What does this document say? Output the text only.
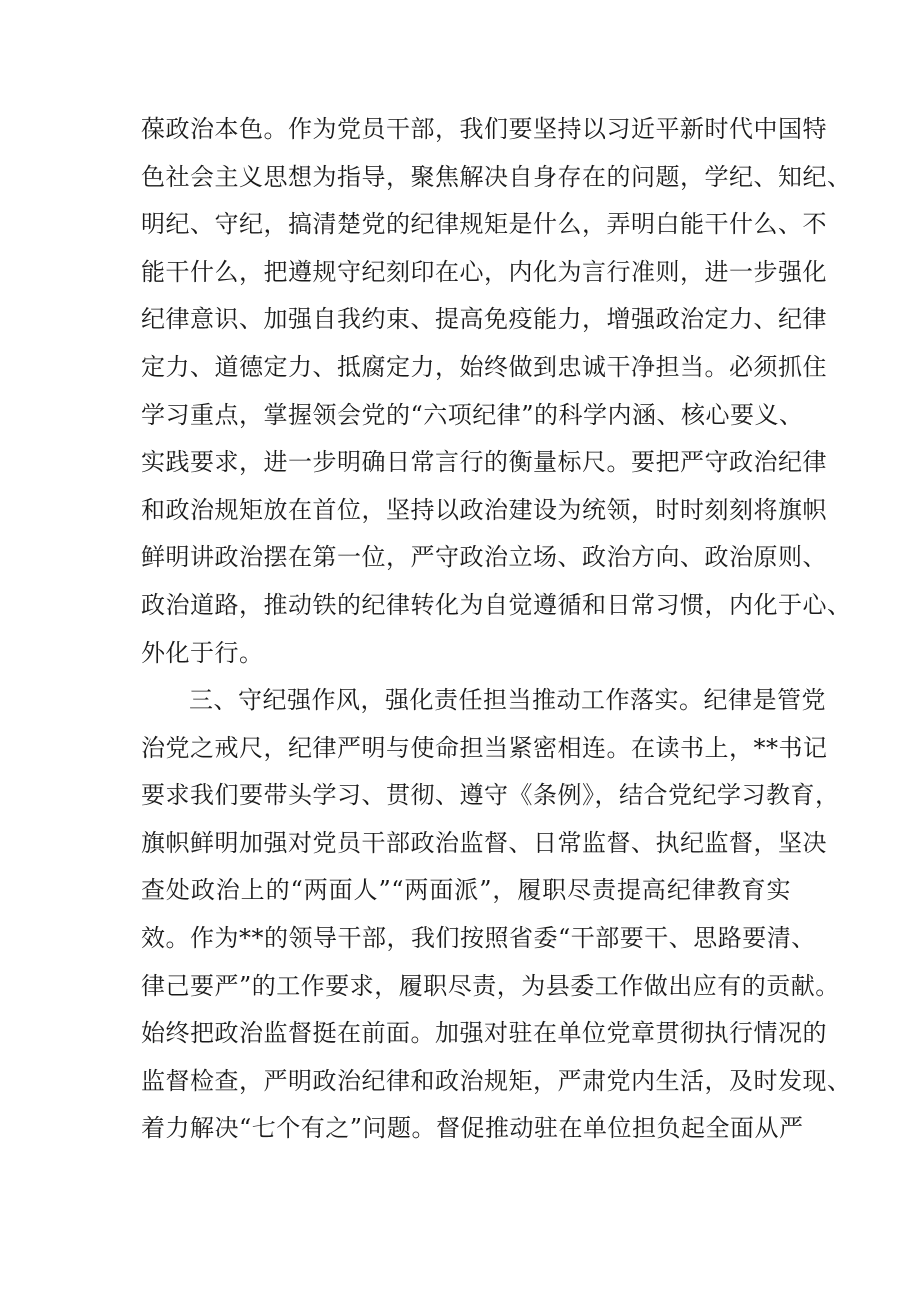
葆政治本色。作为党员干部，我们要坚持以习近平新时代中国特
色社会主义思想为指导，聚焦解决自身存在的问题，学纪、知纪、
明纪、守纪，搞清楚党的纪律规矩是什么，弄明白能干什么、不
能干什么，把遵规守纪刻印在心，内化为言行准则，进一步强化
纪律意识、加强自我约束、提高免疫能力，增强政治定力、纪律
定力、道德定力、抵腐定力，始终做到忠诚干净担当。必须抓住
学习重点，掌握领会党的“六项纪律”的科学内涵、核心要义、
实践要求，进一步明确日常言行的衡量标尺。要把严守政治纪律
和政治规矩放在首位，坚持以政治建设为统领，时时刻刻将旗帜
鲜明讲政治摆在第一位，严守政治立场、政治方向、政治原则、
政治道路，推动铁的纪律转化为自觉遵循和日常习惯，内化于心、
外化于行。
三、守纪强作风，强化责任担当推动工作落实。纪律是管党
治党之戒尺，纪律严明与使命担当紧密相连。在读书上，**书记
要求我们要带头学习、贯彻、遵守《条例》，结合党纪学习教育，
旗帜鲜明加强对党员干部政治监督、日常监督、执纪监督，坚决
查处政治上的“两面人”“两面派”，履职尽责提高纪律教育实
效。作为**的领导干部，我们按照省委“干部要干、思路要清、
律己要严”的工作要求，履职尽责，为县委工作做出应有的贡献。
始终把政治监督挺在前面。加强对驻在单位党章贯彻执行情况的
监督检查，严明政治纪律和政治规矩，严肃党内生活，及时发现、
着力解决“七个有之”问题。督促推动驻在单位担负起全面从严
